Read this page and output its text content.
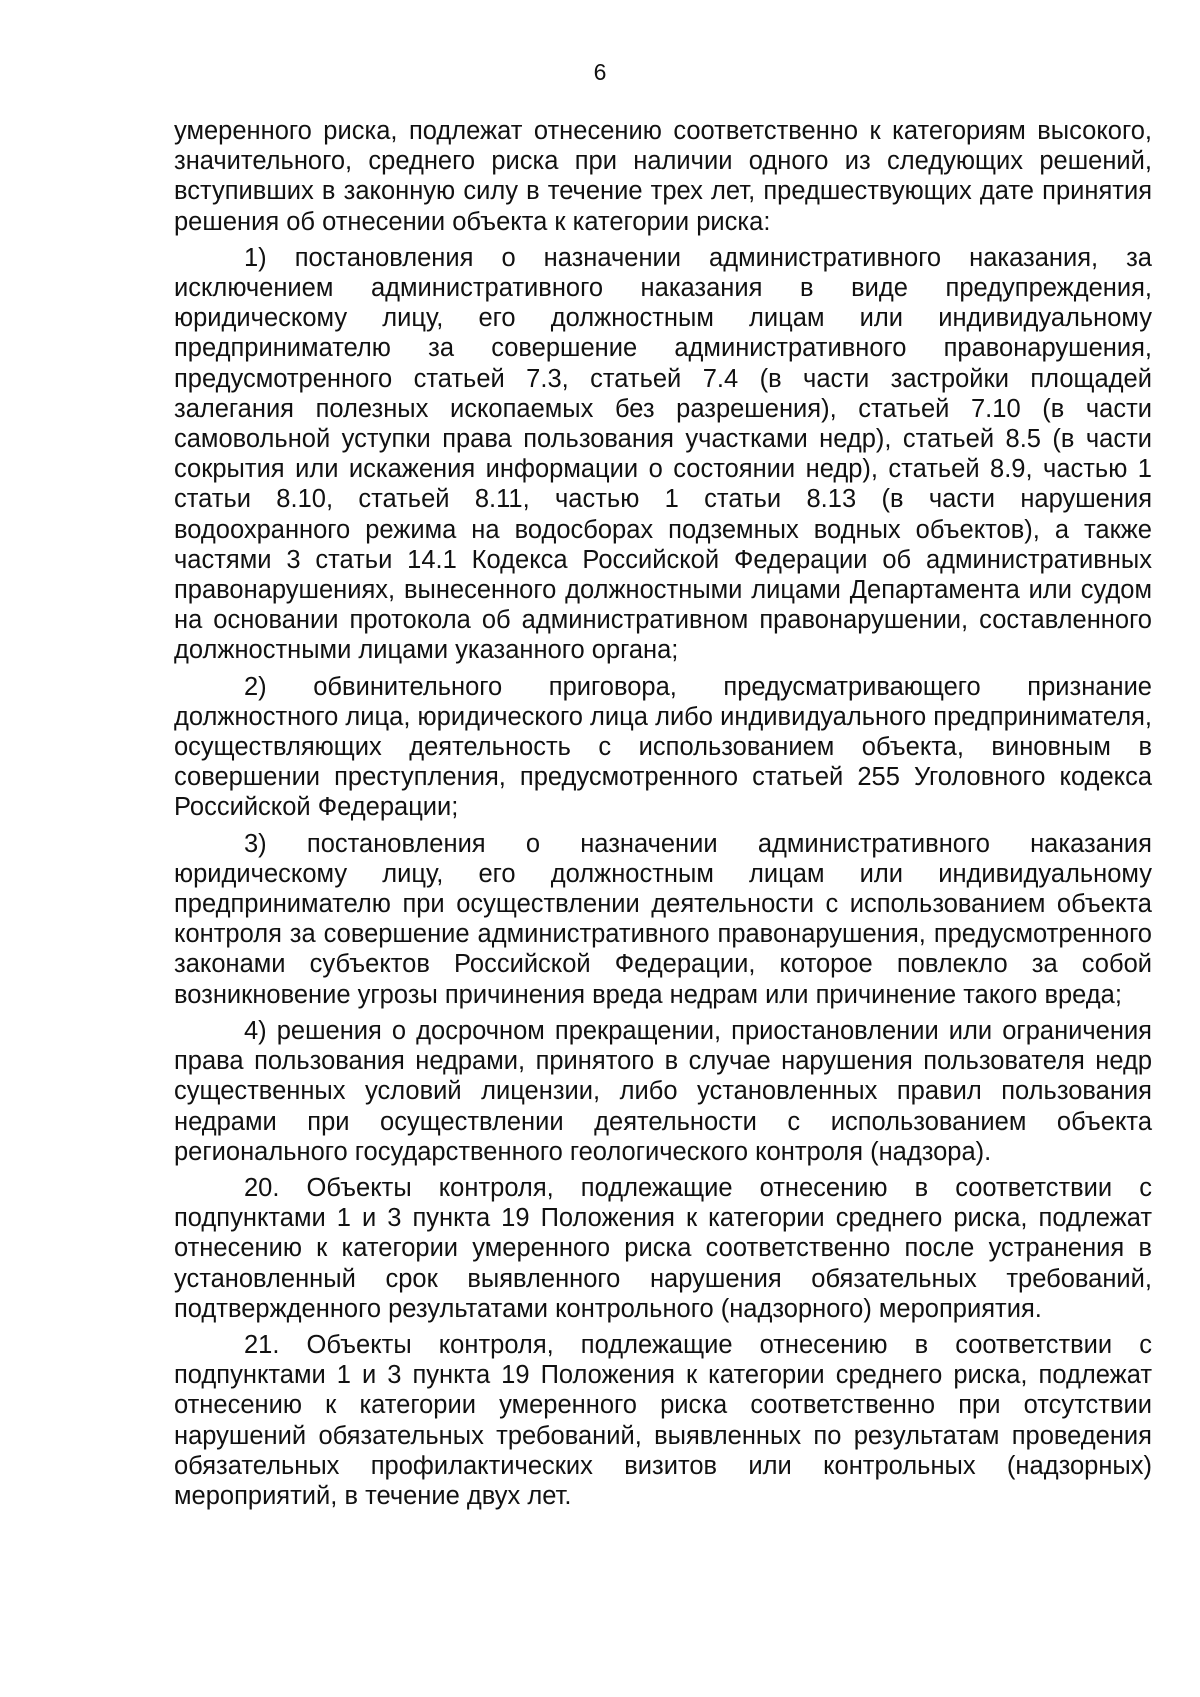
6

умеренного риска, подлежат отнесению соответственно к категориям высокого, значительного, среднего риска при наличии одного из следующих решений, вступивших в законную силу в течение трех лет, предшествующих дате принятия решения об отнесении объекта к категории риска:

1) постановления о назначении административного наказания, за исключением административного наказания в виде предупреждения, юридическому лицу, его должностным лицам или индивидуальному предпринимателю за совершение административного правонарушения, предусмотренного статьей 7.3, статьей 7.4 (в части застройки площадей залегания полезных ископаемых без разрешения), статьей 7.10 (в части самовольной уступки права пользования участками недр), статьей 8.5 (в части сокрытия или искажения информации о состоянии недр), статьей 8.9, частью 1 статьи 8.10, статьей 8.11, частью 1 статьи 8.13 (в части нарушения водоохранного режима на водосборах подземных водных объектов), а также частями 3 статьи 14.1 Кодекса Российской Федерации об административных правонарушениях, вынесенного должностными лицами Департамента или судом на основании протокола об административном правонарушении, составленного должностными лицами указанного органа;

2) обвинительного приговора, предусматривающего признание должностного лица, юридического лица либо индивидуального предпринимателя, осуществляющих деятельность с использованием объекта, виновным в совершении преступления, предусмотренного статьей 255 Уголовного кодекса Российской Федерации;

3) постановления о назначении административного наказания юридическому лицу, его должностным лицам или индивидуальному предпринимателю при осуществлении деятельности с использованием объекта контроля за совершение административного правонарушения, предусмотренного законами субъектов Российской Федерации, которое повлекло за собой возникновение угрозы причинения вреда недрам или причинение такого вреда;

4) решения о досрочном прекращении, приостановлении или ограничения права пользования недрами, принятого в случае нарушения пользователя недр существенных условий лицензии, либо установленных правил пользования недрами при осуществлении деятельности с использованием объекта регионального государственного геологического контроля (надзора).

20. Объекты контроля, подлежащие отнесению в соответствии с подпунктами 1 и 3 пункта 19 Положения к категории среднего риска, подлежат отнесению к категории умеренного риска соответственно после устранения в установленный срок выявленного нарушения обязательных требований, подтвержденного результатами контрольного (надзорного) мероприятия.

21. Объекты контроля, подлежащие отнесению в соответствии с подпунктами 1 и 3 пункта 19 Положения к категории среднего риска, подлежат отнесению к категории умеренного риска соответственно при отсутствии нарушений обязательных требований, выявленных по результатам проведения обязательных профилактических визитов или контрольных (надзорных) мероприятий, в течение двух лет.
